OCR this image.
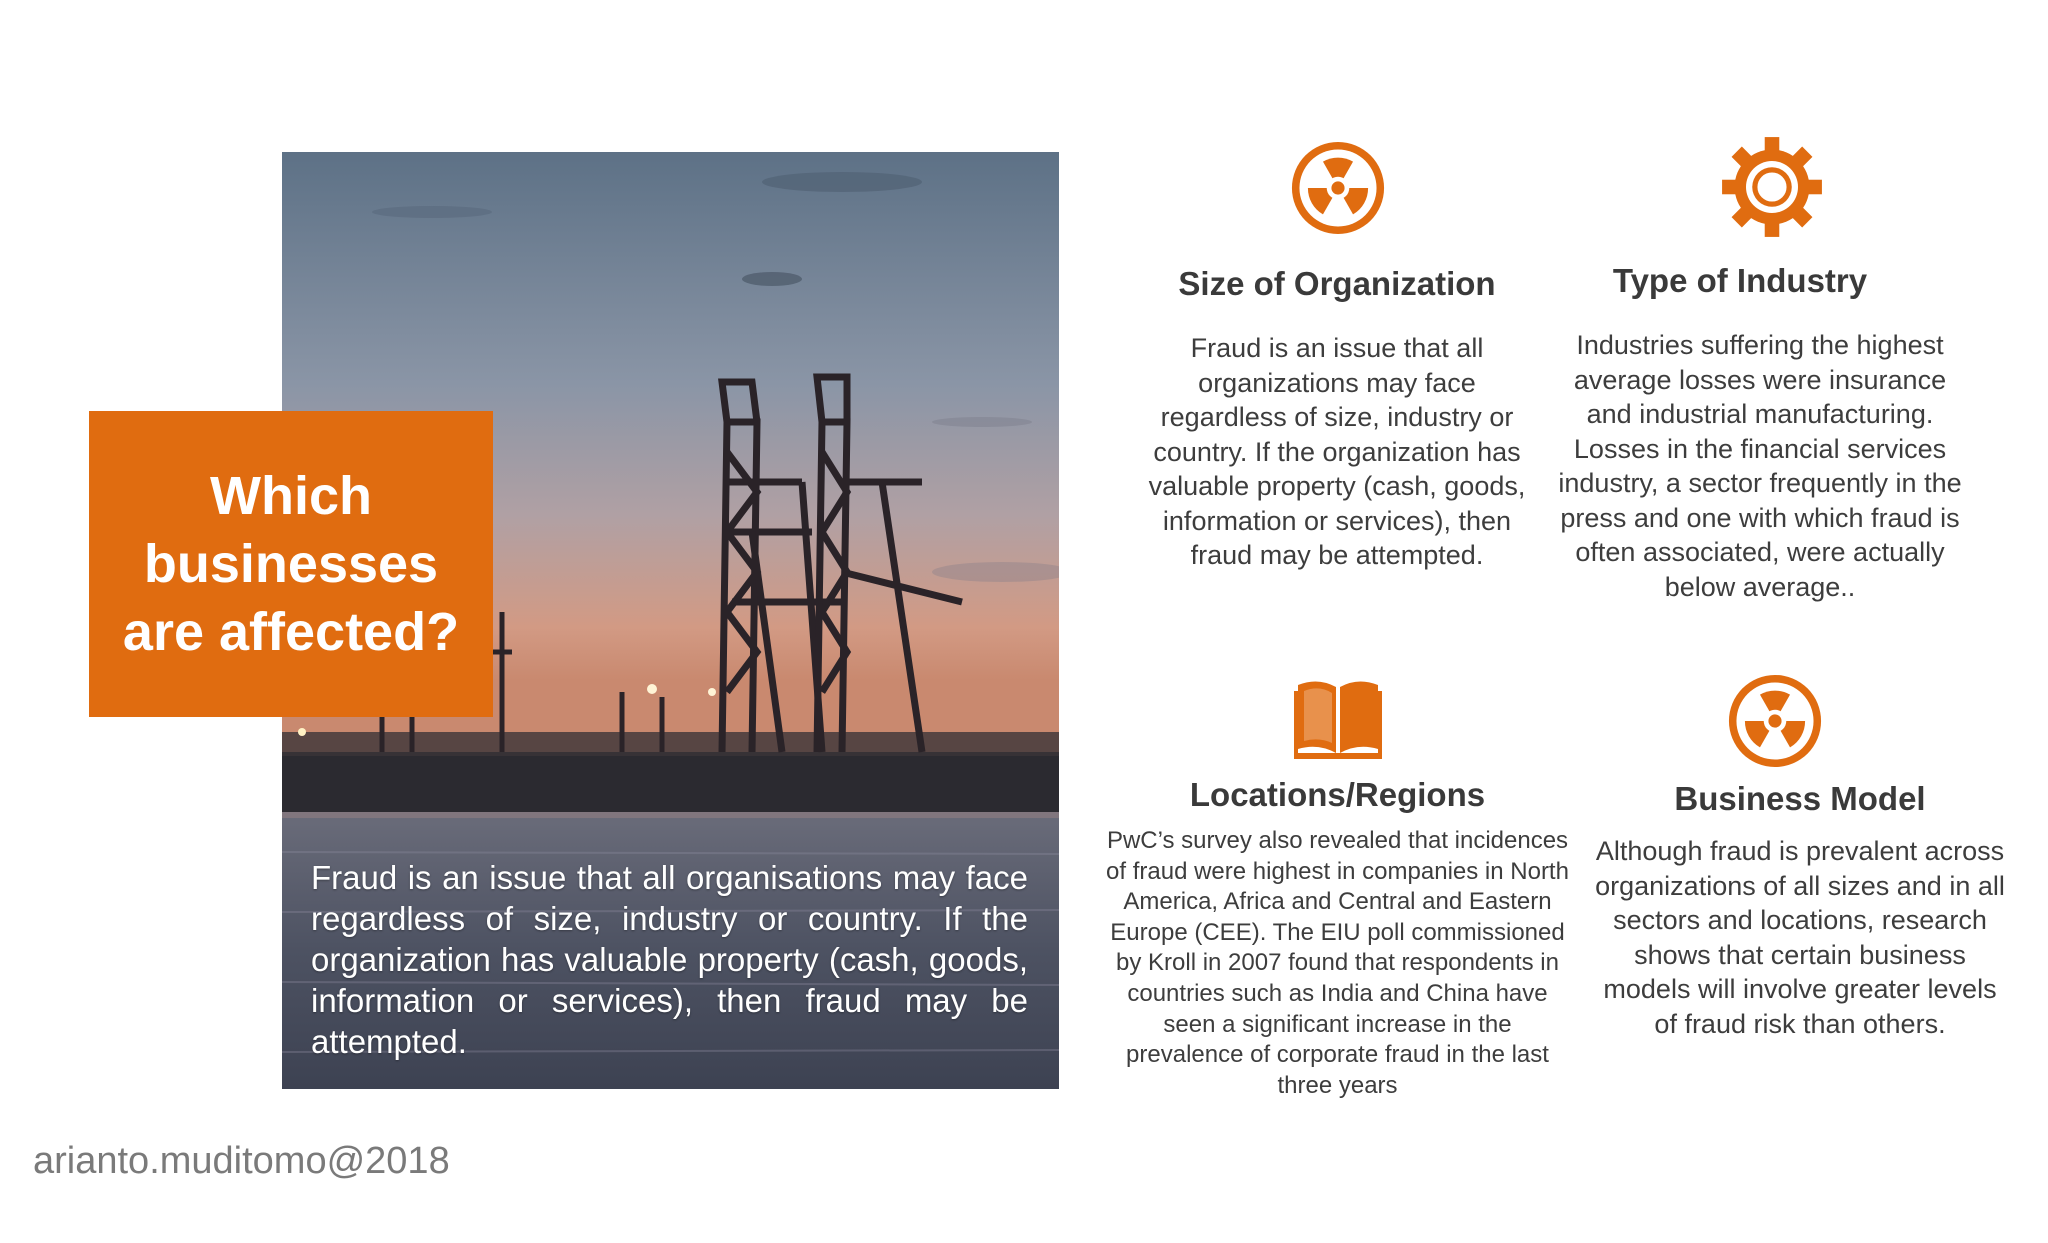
Fraud is an issue that all organisations may face regardless of size, industry or country. If the organization has valuable property (cash, goods, information or services), then fraud may be attempted.
Which businesses are affected?
Size of Organization

Fraud is an issue that all organizations may face regardless of size, industry or country. If the organization has valuable property (cash, goods, information or services), then fraud may be attempted.

Type of Industry

Industries suffering the highest average losses were insurance and industrial manufacturing. Losses in the financial services industry, a sector frequently in the press and one with which fraud is often associated, were actually below average..

Locations/Regions

PwC’s survey also revealed that incidences of fraud were highest in companies in North America, Africa and Central and Eastern Europe (CEE). The EIU poll commissioned by Kroll in 2007 found that respondents in countries such as India and China have seen a significant increase in the prevalence of corporate fraud in the last three years

Business Model

Although fraud is prevalent across organizations of all sizes and in all sectors and locations, research shows that certain business models will involve greater levels of fraud risk than others.

arianto.muditomo@2018
